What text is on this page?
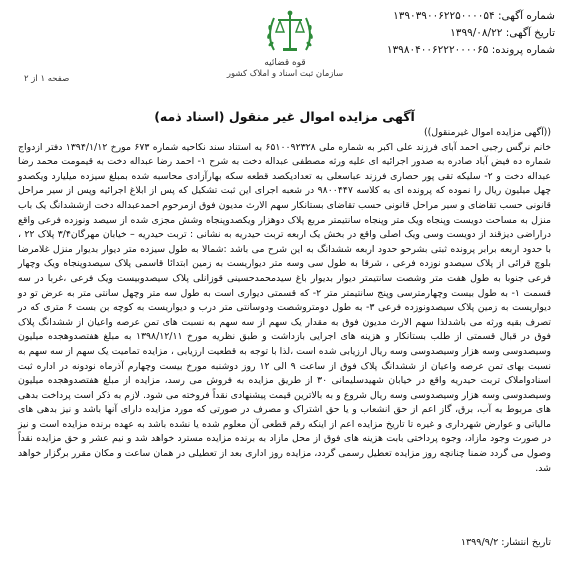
شماره آگهی: ۱۳۹۰۳۹۰۰۶۲۲۵۰۰۰۰۵۴
تاریخ آگهی: ۱۳۹۹/۰۸/۲۲
شماره پرونده: ۱۳۹۸۰۴۰۰۶۲۲۲۰۰۰۰۶۵
قوه قضائیه
سازمان ثبت اسناد و املاک کشور
صفحه ۱ از ۲
آگهی مزایده اموال غیر منقول (اسناد ذمه)
((آگهی مزایده اموال غیرمنقول))
خانم نرگس رجبی احمد آبای فرزند علی اکبر به شماره ملی ۶۵۱۰۰۹۲۳۲۸ به استناد سند نکاحیه شماره ۶۷۳ مورخ ۱۳۹۴/۱/۱۲ دفتر ازدواج شماره ده فیض آباد صادره به صدور اجرائیه ای علیه ورثه مصطفی عبداله دخت به شرح ۱- احمد رضا عبداله دخت به قیمومت محمد رضا عبداله دخت و ۲- سلیکه تقی پور حصاری فرزند عباسعلی به تعدادیکصد قطعه سکه بهارآزادی محاسبه شده بمبلغ سیزده میلیارد ویکصدو چهل میلیون ریال را نموده که پرونده ای به کلاسه ۹۸۰۰۴۴۷ در شعبه اجرای این ثبت تشکیل که پس از ابلاغ اجرائیه وپس از سیر مراحل قانونی حسب تقاضای و سیر مراحل قانونی حسب تقاضای بستانکار سهم الارث مدیون فوق ازمرحوم احمدعبداله دخت ازششدانگ یک باب منزل به مساحت دویست وپنجاه ویک متر وپنجاه سانتیمتر مربع پلاک دوهزار ویکصدوپنجاه وشش مجزی شده از سیصد ونوزده فرعی واقع دراراضی دیزقند از دویست وسی ویک اصلی واقع در بخش یک اربعه تربت حیدریه به نشانی : تربت حیدریه – خیابان مهرگان۳/۴ پلاک ۲۲ ، با حدود اربعه برابر پرونده ثبتی بشرحو حدود اربعه ششدانگ به این شرح می باشد :شمالا به طول سیزده متر دیوار بدیوار منزل غلامرضا بلوچ قرائی از پلاک سیصدو نوزده فرعی ، شرقا به طول سی وسه متر دیواریست به زمین ابتدائا قاسمی پلاک سیصدوپنجاه ویک وچهار فرعی جنوبا به طول هفت متر وشصت سانتیمتر دیوار بدیوار باغ سیدمحمدحسینی قوزانلی پلاک سیصدوبیست ویک فرعی ،غربا در سه قسمت ۱- به طول بیست وچهارمترسی وپنج سانتیمتر متر ۲- که قسمتی دیواری است به طول سه متر وچهل سانتی متر به عرض تو دو دیواریست به زمین پلاک سیصدونوزده فرعی ۳- به طول دومتروشصت ودوسانتی متر درب و دیواریست به کوچه بن بست ۶ متری که در تصرف بقیه ورثه می باشدلذا سهم الارث مدیون فوق به مقدار یک سهم از سه سهم به نسبت های تمن عرصه واعیان از ششدانگ پلاک فوق در قبال قسمتی از طلب بستانکار و هزینه های اجرایی بازداشت و طبق نظریه مورخ ۱۳۹۸/۱۲/۱۱ به مبلغ هفتصدوهجده میلیون وسیصدوسی وسه هزار وسیصدوسی وسه ریال ارزیابی شده است ،لذا با توجه به قطعیت ارزیابی ، مزایده تمامیت یک سهم از سه سهم به نسبت بهای تمن عرصه واعیان از ششدانگ پلاک فوق از ساعت ۹ الی ۱۲ روز دوشنبه مورخ بیست وچهارم آذرماه نودونه در اداره ثبت اسنادواملاک تربت حیدریه واقع در خیابان شهیدسلیمانی ۳۰ از طریق مزایده به فروش می رسد، مزایده از مبلغ هفتصدوهجده میلیون وسیصدوسی وسه هزار وسیصدوسی وسه ریال شروع و به بالاترین قیمت پیشنهادی نقداً فروخته می شود. لازم به ذکر است پرداخت بدهی های مربوط به آب، برق، گاز اعم از حق انشعاب و یا حق اشتراک و مصرف در صورتی که مورد مزایده دارای آنها باشد و نیز بدهی های مالیاتی و عوارض شهرداری و غیره تا تاریخ مزایده اعم از اینکه رقم قطعی آن معلوم شده یا نشده باشد به عهده برنده مزایده است و نیز در صورت وجود مازاد، وجوه پرداختی بابت هزینه های فوق از محل مازاد به برنده مزایده مسترد خواهد شد و نیم عشر و حق مزایده نقداً وصول می گردد ضمنا چنانچه روز مزایده تعطیل رسمی گردد، مزایده روز اداری بعد از تعطیلی در همان ساعت و مکان مقرر برگزار خواهد شد.
تاریخ انتشار: ۱۳۹۹/۹/۲
